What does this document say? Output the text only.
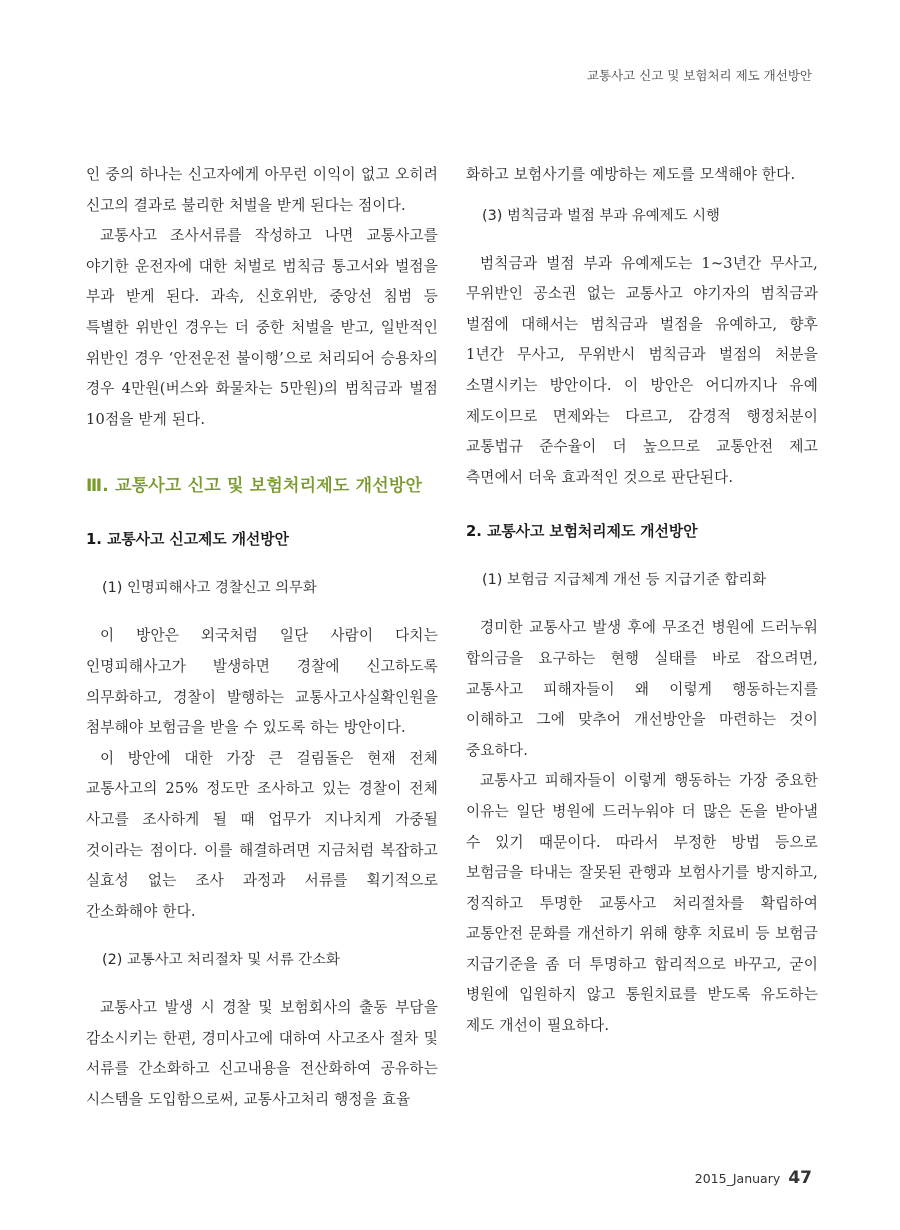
교통사고 신고 및 보험처리 제도 개선방안

인 중의 하나는 신고자에게 아무런 이익이 없고 오히려 신고의 결과로 불리한 처벌을 받게 된다는 점이다.

교통사고 조사서류를 작성하고 나면 교통사고를 야기한 운전자에 대한 처벌로 범칙금 통고서와 벌점을 부과 받게 된다. 과속, 신호위반, 중앙선 침범 등 특별한 위반인 경우는 더 중한 처벌을 받고, 일반적인 위반인 경우 ‘안전운전 불이행’으로 처리되어 승용차의 경우 4만원(버스와 화물차는 5만원)의 범칙금과 벌점 10점을 받게 된다.

Ⅲ. 교통사고 신고 및 보험처리제도 개선방안
1. 교통사고 신고제도 개선방안
(1) 인명피해사고 경찰신고 의무화

이 방안은 외국처럼 일단 사람이 다치는 인명피해사고가 발생하면 경찰에 신고하도록 의무화하고, 경찰이 발행하는 교통사고사실확인원을 첨부해야 보험금을 받을 수 있도록 하는 방안이다.

이 방안에 대한 가장 큰 걸림돌은 현재 전체 교통사고의 25% 정도만 조사하고 있는 경찰이 전체 사고를 조사하게 될 때 업무가 지나치게 가중될 것이라는 점이다. 이를 해결하려면 지금처럼 복잡하고 실효성 없는 조사 과정과 서류를 획기적으로 간소화해야 한다.

(2) 교통사고 처리절차 및 서류 간소화

교통사고 발생 시 경찰 및 보험회사의 출동 부담을 감소시키는 한편, 경미사고에 대하여 사고조사 절차 및 서류를 간소화하고 신고내용을 전산화하여 공유하는 시스템을 도입함으로써, 교통사고처리 행정을 효율

화하고 보험사기를 예방하는 제도를 모색해야 한다.

(3) 범칙금과 벌점 부과 유예제도 시행

범칙금과 벌점 부과 유예제도는 1~3년간 무사고, 무위반인 공소권 없는 교통사고 야기자의 범칙금과 벌점에 대해서는 범칙금과 벌점을 유예하고, 향후 1년간 무사고, 무위반시 범칙금과 벌점의 처분을 소멸시키는 방안이다. 이 방안은 어디까지나 유예 제도이므로 면제와는 다르고, 감경적 행정처분이 교통법규 준수율이 더 높으므로 교통안전 제고 측면에서 더욱 효과적인 것으로 판단된다.

2. 교통사고 보험처리제도 개선방안
(1) 보험금 지급체계 개선 등 지급기준 합리화

경미한 교통사고 발생 후에 무조건 병원에 드러누워 합의금을 요구하는 현행 실태를 바로 잡으려면, 교통사고 피해자들이 왜 이렇게 행동하는지를 이해하고 그에 맞추어 개선방안을 마련하는 것이 중요하다.

교통사고 피해자들이 이렇게 행동하는 가장 중요한 이유는 일단 병원에 드러누워야 더 많은 돈을 받아낼 수 있기 때문이다. 따라서 부정한 방법 등으로 보험금을 타내는 잘못된 관행과 보험사기를 방지하고, 정직하고 투명한 교통사고 처리절차를 확립하여 교통안전 문화를 개선하기 위해 향후 치료비 등 보험금 지급기준을 좀 더 투명하고 합리적으로 바꾸고, 굳이 병원에 입원하지 않고 통원치료를 받도록 유도하는 제도 개선이 필요하다.

2015_January 47
